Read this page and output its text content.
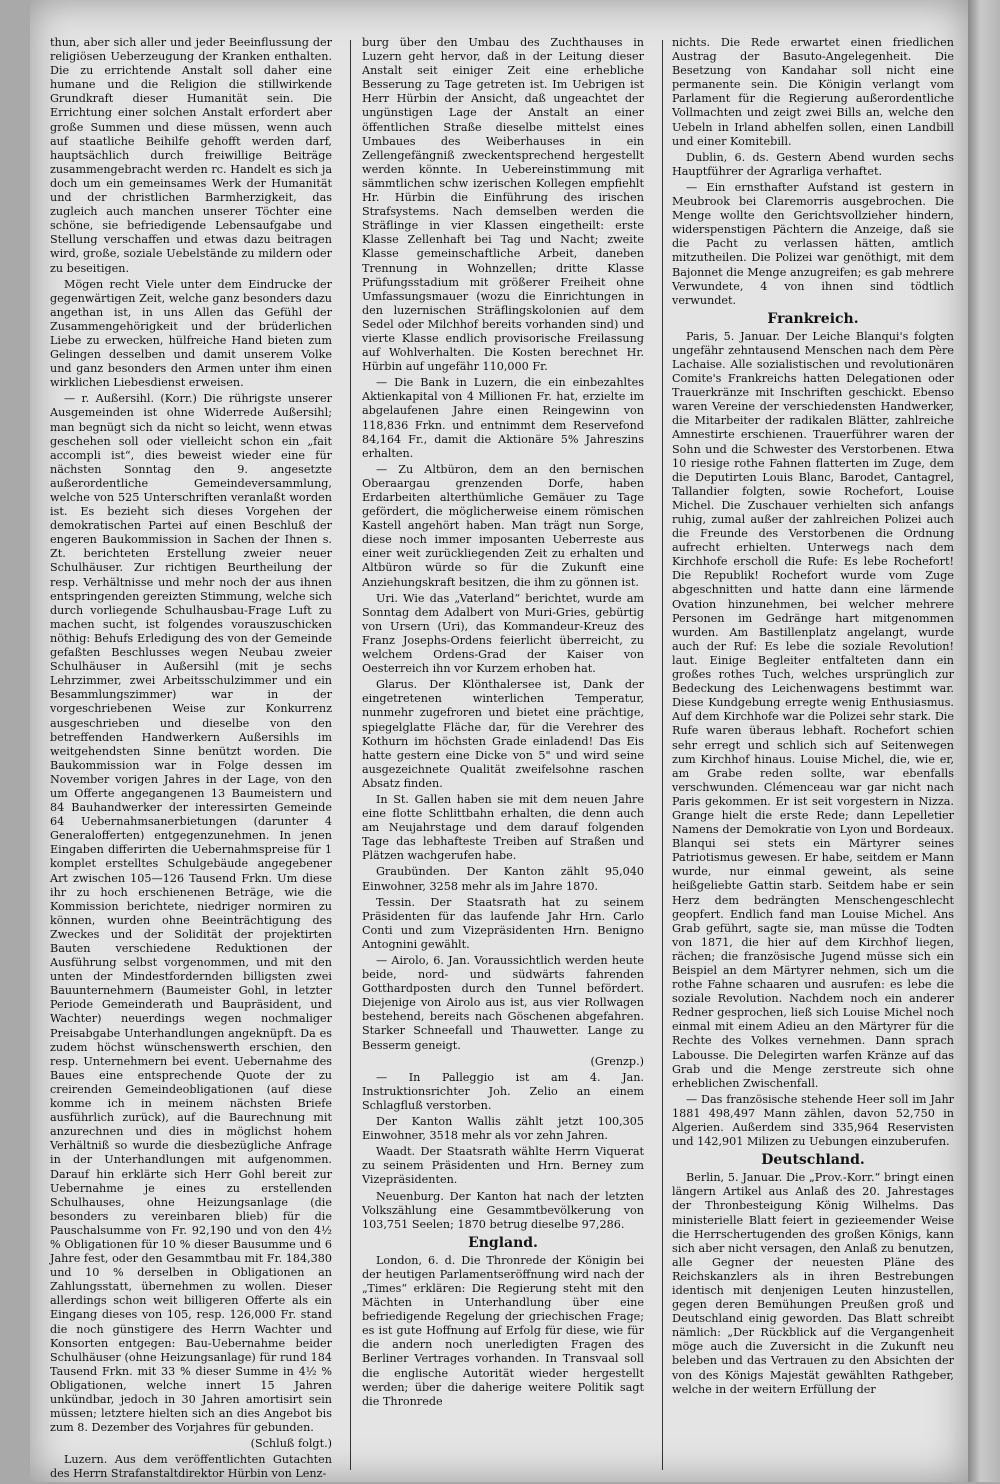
thun, aber sich aller und jeder Beeinflussung der religiösen Ueberzeugung der Kranken enthalten. Die zu errichtende Anstalt soll daher eine humane und die Religion die stillwirkende Grundkraft dieser Humanität sein. Die Errichtung einer solchen Anstalt erfordert aber große Summen und diese müssen, wenn auch auf staatliche Beihilfe gehofft werden darf, hauptsächlich durch freiwillige Beiträge zusammengebracht werden rc. Handelt es sich ja doch um ein gemeinsames Werk der Humanität und der christlichen Barmherzigkeit, das zugleich auch manchen unserer Töchter eine schöne, sie befriedigende Lebensaufgabe und Stellung verschaffen und etwas dazu beitragen wird, große, soziale Uebelstände zu mildern oder zu beseitigen.

Mögen recht Viele unter dem Eindrucke der gegenwärtigen Zeit, welche ganz besonders dazu angethan ist, in uns Allen das Gefühl der Zusammengehörigkeit und der brüderlichen Liebe zu erwecken, hülfreiche Hand bieten zum Gelingen desselben und damit unserem Volke und ganz besonders den Armen unter ihm einen wirklichen Liebesdienst erweisen.

— r. Außersihl. (Korr.) Die rührigste unserer Ausgemeinden ist ohne Widerrede Außersihl; man begnügt sich da nicht so leicht, wenn etwas geschehen soll oder vielleicht schon ein „fait accompli ist“, dies beweist wieder eine für nächsten Sonntag den 9. angesetzte außerordentliche Gemeindeversammlung, welche von 525 Unterschriften veranlaßt worden ist. Es bezieht sich dieses Vorgehen der demokratischen Partei auf einen Beschluß der engeren Baukommission in Sachen der Ihnen s. Zt. berichteten Erstellung zweier neuer Schulhäuser. Zur richtigen Beurtheilung der resp. Verhältnisse und mehr noch der aus ihnen entspringenden gereizten Stimmung, welche sich durch vorliegende Schulhausbau-Frage Luft zu machen sucht, ist folgendes vorauszuschicken nöthig: Behufs Erledigung des von der Gemeinde gefaßten Beschlusses wegen Neubau zweier Schulhäuser in Außersihl (mit je sechs Lehrzimmer, zwei Arbeitsschulzimmer und ein Besammlungszimmer) war in der vorgeschriebenen Weise zur Konkurrenz ausgeschrieben und dieselbe von den betreffenden Handwerkern Außersihls im weitgehendsten Sinne benützt worden. Die Baukommission war in Folge dessen im November vorigen Jahres in der Lage, von den um Offerte angegangenen 13 Baumeistern und 84 Bauhandwerker der interessirten Gemeinde 64 Uebernahmsanerbietungen (darunter 4 Generalofferten) entgegenzunehmen. In jenen Eingaben differirten die Uebernahmspreise für 1 komplet erstelltes Schulgebäude angegebener Art zwischen 105—126 Tausend Frkn. Um diese ihr zu hoch erschienenen Beträge, wie die Kommission berichtete, niedriger normiren zu können, wurden ohne Beeinträchtigung des Zweckes und der Solidität der projektirten Bauten verschiedene Reduktionen der Ausführung selbst vorgenommen, und mit den unten der Mindestfordernden billigsten zwei Bauunternehmern (Baumeister Gohl, in letzter Periode Gemeinderath und Baupräsident, und Wachter) neuerdings wegen nochmaliger Preisabgabe Unterhandlungen angeknüpft. Da es zudem höchst wünschenswerth erschien, den resp. Unternehmern bei event. Uebernahme des Baues eine entsprechende Quote der zu creirenden Gemeindeobligationen (auf diese komme ich in meinem nächsten Briefe ausführlich zurück), auf die Baurechnung mit anzurechnen und dies in möglichst hohem Verhältniß so wurde die diesbezügliche Anfrage in der Unterhandlungen mit aufgenommen. Darauf hin erklärte sich Herr Gohl bereit zur Uebernahme je eines zu erstellenden Schulhauses, ohne Heizungsanlage (die besonders zu vereinbaren blieb) für die Pauschalsumme von Fr. 92,190 und von den 4½ % Obligationen für 10 % dieser Bausumme und 6 Jahre fest, oder den Gesammtbau mit Fr. 184,380 und 10 % derselben in Obligationen an Zahlungsstatt, übernehmen zu wollen. Dieser allerdings schon weit billigeren Offerte als ein Eingang dieses von 105, resp. 126,000 Fr. stand die noch günstigere des Herrn Wachter und Konsorten entgegen: Bau-Uebernahme beider Schulhäuser (ohne Heizungsanlage) für rund 184 Tausend Frkn. mit 33 % dieser Summe in 4½ % Obligationen, welche innert 15 Jahren unkündbar, jedoch in 30 Jahren amortisirt sein müssen; letztere hielten sich an dies Angebot bis zum 8. Dezember des Vorjahres für gebunden.

(Schluß folgt.)

Luzern. Aus dem veröffentlichten Gutachten des Herrn Strafanstaltdirektor Hürbin von Lenz-

burg über den Umbau des Zuchthauses in Luzern geht hervor, daß in der Leitung dieser Anstalt seit einiger Zeit eine erhebliche Besserung zu Tage getreten ist. Im Uebrigen ist Herr Hürbin der Ansicht, daß ungeachtet der ungünstigen Lage der Anstalt an einer öffentlichen Straße dieselbe mittelst eines Umbaues des Weiberhauses in ein Zellengefängniß zweckentsprechend hergestellt werden könnte. In Uebereinstimmung mit sämmtlichen schw izerischen Kollegen empfiehlt Hr. Hürbin die Einführung des irischen Strafsystems. Nach demselben werden die Sträflinge in vier Klassen eingetheilt: erste Klasse Zellenhaft bei Tag und Nacht; zweite Klasse gemeinschaftliche Arbeit, daneben Trennung in Wohnzellen; dritte Klasse Prüfungsstadium mit größerer Freiheit ohne Umfassungsmauer (wozu die Einrichtungen in den luzernischen Sträflingskolonien auf dem Sedel oder Milchhof bereits vorhanden sind) und vierte Klasse endlich provisorische Freilassung auf Wohlverhalten. Die Kosten berechnet Hr. Hürbin auf ungefähr 110,000 Fr.

— Die Bank in Luzern, die ein einbezahltes Aktienkapital von 4 Millionen Fr. hat, erzielte im abgelaufenen Jahre einen Reingewinn von 118,836 Frkn. und entnimmt dem Reservefond 84,164 Fr., damit die Aktionäre 5% Jahreszins erhalten.

— Zu Altbüron, dem an den bernischen Oberaargau grenzenden Dorfe, haben Erdarbeiten alterthümliche Gemäuer zu Tage gefördert, die möglicherweise einem römischen Kastell angehört haben. Man trägt nun Sorge, diese noch immer imposanten Ueberreste aus einer weit zurückliegenden Zeit zu erhalten und Altbüron würde so für die Zukunft eine Anziehungskraft besitzen, die ihm zu gönnen ist.

Uri. Wie das „Vaterland“ berichtet, wurde am Sonntag dem Adalbert von Muri-Gries, gebürtig von Ursern (Uri), das Kommandeur-Kreuz des Franz Josephs-Ordens feierlicht überreicht, zu welchem Ordens-Grad der Kaiser von Oesterreich ihn vor Kurzem erhoben hat.

Glarus. Der Klönthalersee ist, Dank der eingetretenen winterlichen Temperatur, nunmehr zugefroren und bietet eine prächtige, spiegelglatte Fläche dar, für die Verehrer des Kothurn im höchsten Grade einladend! Das Eis hatte gestern eine Dicke von 5" und wird seine ausgezeichnete Qualität zweifelsohne raschen Absatz finden.

In St. Gallen haben sie mit dem neuen Jahre eine flotte Schlittbahn erhalten, die denn auch am Neujahrstage und dem darauf folgenden Tage das lebhafteste Treiben auf Straßen und Plätzen wachgerufen habe.

Graubünden. Der Kanton zählt 95,040 Einwohner, 3258 mehr als im Jahre 1870.

Tessin. Der Staatsrath hat zu seinem Präsidenten für das laufende Jahr Hrn. Carlo Conti und zum Vizepräsidenten Hrn. Benigno Antognini gewählt.

— Airolo, 6. Jan. Voraussichtlich werden heute beide, nord- und südwärts fahrenden Gotthardposten durch den Tunnel befördert. Diejenige von Airolo aus ist, aus vier Rollwagen bestehend, bereits nach Göschenen abgefahren. Starker Schneefall und Thauwetter. Lange zu Besserm geneigt.

(Grenzp.)

— In Palleggio ist am 4. Jan. Instruktionsrichter Joh. Zelio an einem Schlagfluß verstorben.

Der Kanton Wallis zählt jetzt 100,305 Einwohner, 3518 mehr als vor zehn Jahren.

Waadt. Der Staatsrath wählte Herrn Viquerat zu seinem Präsidenten und Hrn. Berney zum Vizepräsidenten.

Neuenburg. Der Kanton hat nach der letzten Volkszählung eine Gesammtbevölkerung von 103,751 Seelen; 1870 betrug dieselbe 97,286.

England.

London, 6. d. Die Thronrede der Königin bei der heutigen Parlamentseröffnung wird nach der „Times“ erklären: Die Regierung steht mit den Mächten in Unterhandlung über eine befriedigende Regelung der griechischen Frage; es ist gute Hoffnung auf Erfolg für diese, wie für die andern noch unerledigten Fragen des Berliner Vertrages vorhanden. In Transvaal soll die englische Autorität wieder hergestellt werden; über die daherige weitere Politik sagt die Thronrede

nichts. Die Rede erwartet einen friedlichen Austrag der Basuto-Angelegenheit. Die Besetzung von Kandahar soll nicht eine permanente sein. Die Königin verlangt vom Parlament für die Regierung außerordentliche Vollmachten und zeigt zwei Bills an, welche den Uebeln in Irland abhelfen sollen, einen Landbill und einer Komitebill.

Dublin, 6. ds. Gestern Abend wurden sechs Hauptführer der Agrarliga verhaftet.

— Ein ernsthafter Aufstand ist gestern in Meubrook bei Claremorris ausgebrochen. Die Menge wollte den Gerichtsvollzieher hindern, widerspenstigen Pächtern die Anzeige, daß sie die Pacht zu verlassen hätten, amtlich mitzutheilen. Die Polizei war genöthigt, mit dem Bajonnet die Menge anzugreifen; es gab mehrere Verwundete, 4 von ihnen sind tödtlich verwundet.

Frankreich.

Paris, 5. Januar. Der Leiche Blanqui's folgten ungefähr zehntausend Menschen nach dem Père Lachaise. Alle sozialistischen und revolutionären Comite's Frankreichs hatten Delegationen oder Trauerkränze mit Inschriften geschickt. Ebenso waren Vereine der verschiedensten Handwerker, die Mitarbeiter der radikalen Blätter, zahlreiche Amnestirte erschienen. Trauerführer waren der Sohn und die Schwester des Verstorbenen. Etwa 10 riesige rothe Fahnen flatterten im Zuge, dem die Deputirten Louis Blanc, Barodet, Cantagrel, Tallandier folgten, sowie Rochefort, Louise Michel. Die Zuschauer verhielten sich anfangs ruhig, zumal außer der zahlreichen Polizei auch die Freunde des Verstorbenen die Ordnung aufrecht erhielten. Unterwegs nach dem Kirchhofe erscholl die Rufe: Es lebe Rochefort! Die Republik! Rochefort wurde vom Zuge abgeschnitten und hatte dann eine lärmende Ovation hinzunehmen, bei welcher mehrere Personen im Gedränge hart mitgenommen wurden. Am Bastillenplatz angelangt, wurde auch der Ruf: Es lebe die soziale Revolution! laut. Einige Begleiter entfalteten dann ein großes rothes Tuch, welches ursprünglich zur Bedeckung des Leichenwagens bestimmt war. Diese Kundgebung erregte wenig Enthusiasmus. Auf dem Kirchhofe war die Polizei sehr stark. Die Rufe waren überaus lebhaft. Rochefort schien sehr erregt und schlich sich auf Seitenwegen zum Kirchhof hinaus. Louise Michel, die, wie er, am Grabe reden sollte, war ebenfalls verschwunden. Clémenceau war gar nicht nach Paris gekommen. Er ist seit vorgestern in Nizza. Grange hielt die erste Rede; dann Lepelletier Namens der Demokratie von Lyon und Bordeaux. Blanqui sei stets ein Märtyrer seines Patriotismus gewesen. Er habe, seitdem er Mann wurde, nur einmal geweint, als seine heißgeliebte Gattin starb. Seitdem habe er sein Herz dem bedrängten Menschengeschlecht geopfert. Endlich fand man Louise Michel. Ans Grab geführt, sagte sie, man müsse die Todten von 1871, die hier auf dem Kirchhof liegen, rächen; die französische Jugend müsse sich ein Beispiel an dem Märtyrer nehmen, sich um die rothe Fahne schaaren und ausrufen: es lebe die soziale Revolution. Nachdem noch ein anderer Redner gesprochen, ließ sich Louise Michel noch einmal mit einem Adieu an den Märtyrer für die Rechte des Volkes vernehmen. Dann sprach Labousse. Die Delegirten warfen Kränze auf das Grab und die Menge zerstreute sich ohne erheblichen Zwischenfall.

— Das französische stehende Heer soll im Jahr 1881 498,497 Mann zählen, davon 52,750 in Algerien. Außerdem sind 335,964 Reservisten und 142,901 Milizen zu Uebungen einzuberufen.

Deutschland.

Berlin, 5. Januar. Die „Prov.-Korr.“ bringt einen längern Artikel aus Anlaß des 20. Jahrestages der Thronbesteigung König Wilhelms. Das ministerielle Blatt feiert in gezieemender Weise die Herrschertugenden des großen Königs, kann sich aber nicht versagen, den Anlaß zu benutzen, alle Gegner der neuesten Pläne des Reichskanzlers als in ihren Bestrebungen identisch mit denjenigen Leuten hinzustellen, gegen deren Bemühungen Preußen groß und Deutschland einig geworden. Das Blatt schreibt nämlich: „Der Rückblick auf die Vergangenheit möge auch die Zuversicht in die Zukunft neu beleben und das Vertrauen zu den Absichten der von des Königs Majestät gewählten Rathgeber, welche in der weitern Erfüllung der
